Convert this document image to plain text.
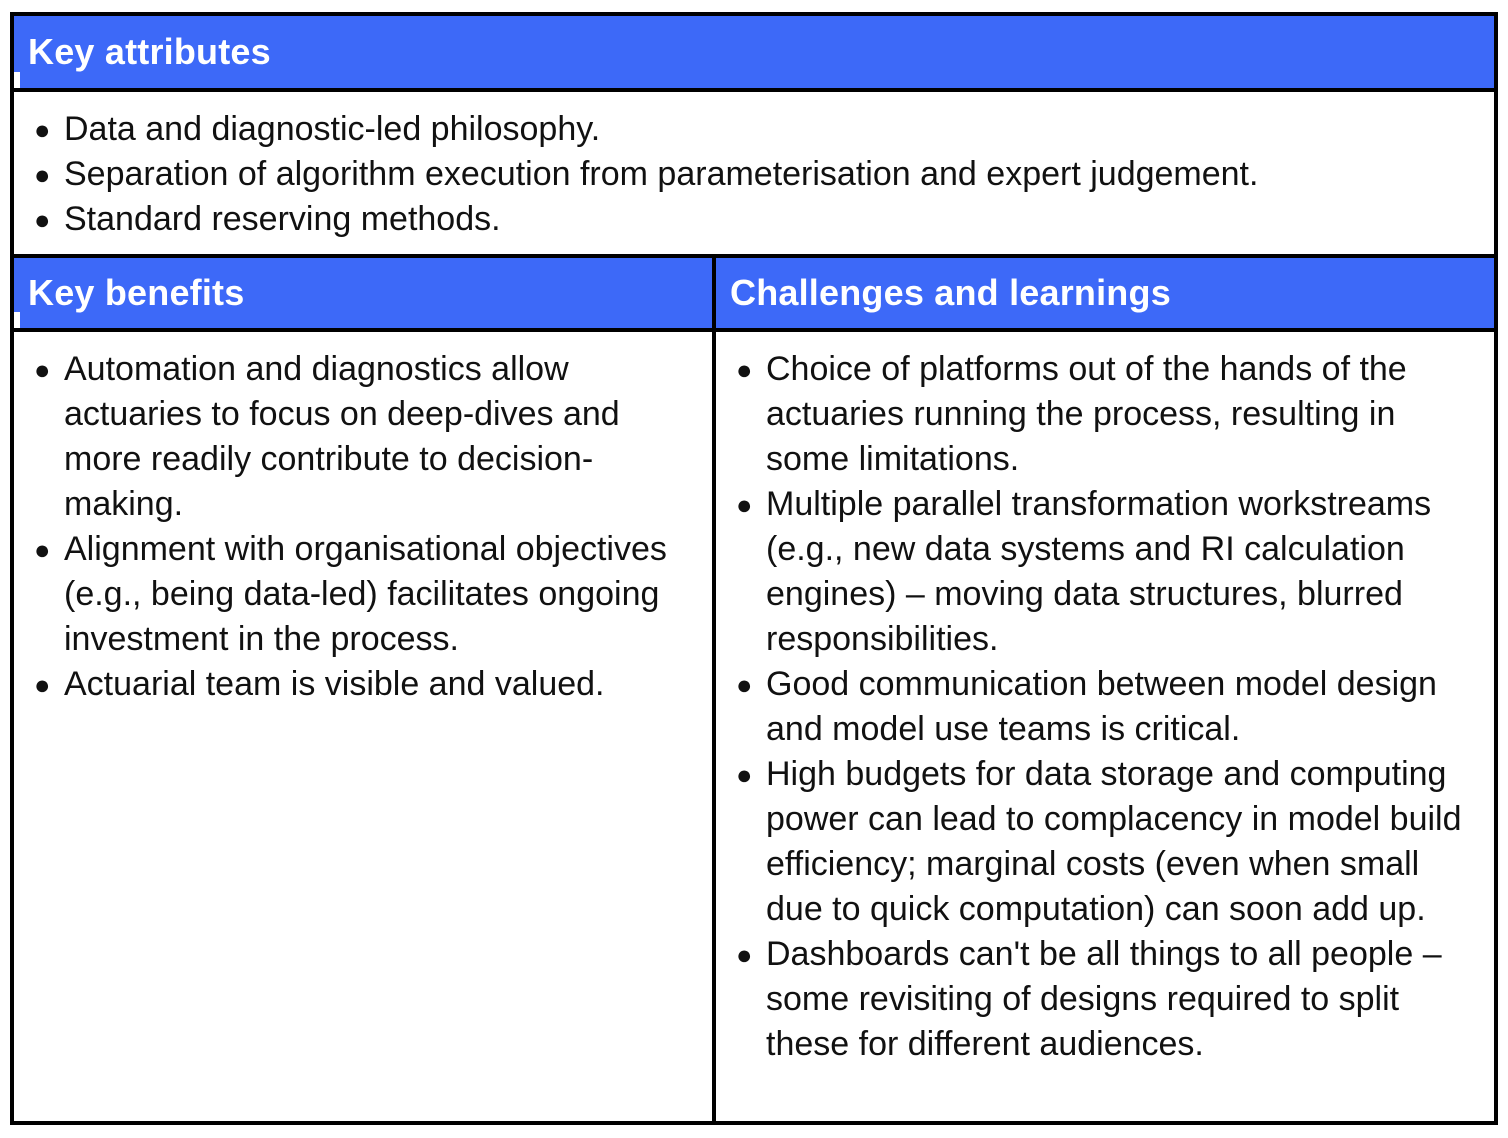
Key attributes
● Data and diagnostic-led philosophy.
● Separation of algorithm execution from parameterisation and expert judgement.
● Standard reserving methods.
Key benefits	Challenges and learnings
● Automation and diagnostics allow actuaries to focus on deep-dives and more readily contribute to decision-making.
● Alignment with organisational objectives (e.g., being data-led) facilitates ongoing investment in the process.
● Actuarial team is visible and valued.
● Choice of platforms out of the hands of the actuaries running the process, resulting in some limitations.
● Multiple parallel transformation workstreams (e.g., new data systems and RI calculation engines) – moving data structures, blurred responsibilities.
● Good communication between model design and model use teams is critical.
● High budgets for data storage and computing power can lead to complacency in model build efficiency; marginal costs (even when small due to quick computation) can soon add up.
● Dashboards can't be all things to all people – some revisiting of designs required to split these for different audiences.
